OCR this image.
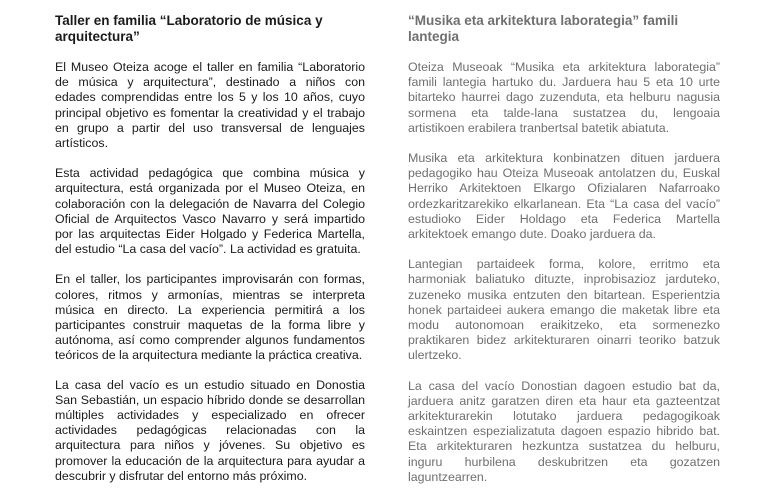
Taller en familia “Laboratorio de música y arquitectura”

El Museo Oteiza acoge el taller en familia “Laboratorio de música y arquitectura”, destinado a niños con edades comprendidas entre los 5 y los 10 años, cuyo principal objetivo es fomentar la creatividad y el trabajo en grupo a partir del uso transversal de lenguajes artísticos.

Esta actividad pedagógica que combina música y arquitectura, está organizada por el Museo Oteiza, en colaboración con la delegación de Navarra del Colegio Oficial de Arquitectos Vasco Navarro y será impartido por las arquitectas Eider Holgado y Federica Martella, del estudio “La casa del vacío”. La actividad es gratuita.

En el taller, los participantes improvisarán con formas, colores, ritmos y armonías, mientras se interpreta música en directo. La experiencia permitirá a los participantes construir maquetas de la forma libre y autónoma, así como comprender algunos fundamentos teóricos de la arquitectura mediante la práctica creativa.

La casa del vacío es un estudio situado en Donostia San Sebastián, un espacio híbrido donde se desarrollan múltiples actividades y especializado en ofrecer actividades pedagógicas relacionadas con la arquitectura para niños y jóvenes. Su objetivo es promover la educación de la arquitectura para ayudar a descubrir y disfrutar del entorno más próximo.

“Musika eta arkitektura laborategia” famili lantegia

Oteiza Museoak “Musika eta arkitektura laborategia” famili lantegia hartuko du. Jarduera hau 5 eta 10 urte bitarteko haurrei dago zuzenduta, eta helburu nagusia sormena eta talde-lana sustatzea du, lengoaia artistikoen erabilera tranbertsal batetik abiatuta.

Musika eta arkitektura konbinatzen dituen jarduera pedagogiko hau Oteiza Museoak antolatzen du, Euskal Herriko Arkitektoen Elkargo Ofizialaren Nafarroako ordezkaritzarekiko elkarlanean. Eta “La casa del vacío” estudioko Eider Holdago eta Federica Martella arkitektoek emango dute. Doako jarduera da.

Lantegian partaideek forma, kolore, erritmo eta harmoniak baliatuko dituzte, inprobisazioz jarduteko, zuzeneko musika entzuten den bitartean. Esperientzia honek partaideei aukera emango die maketak libre eta modu autonomoan eraikitzeko, eta sormenezko praktikaren bidez arkitekturaren oinarri teoriko batzuk ulertzeko.

La casa del vacío Donostian dagoen estudio bat da, jarduera anitz garatzen diren eta haur eta gazteentzat arkitekturarekin lotutako jarduera pedagogikoak eskaintzen espezializatuta dagoen espazio hibrido bat. Eta arkitekturaren hezkuntza sustatzea du helburu, inguru hurbilena deskubritzen eta gozatzen laguntzearren.
